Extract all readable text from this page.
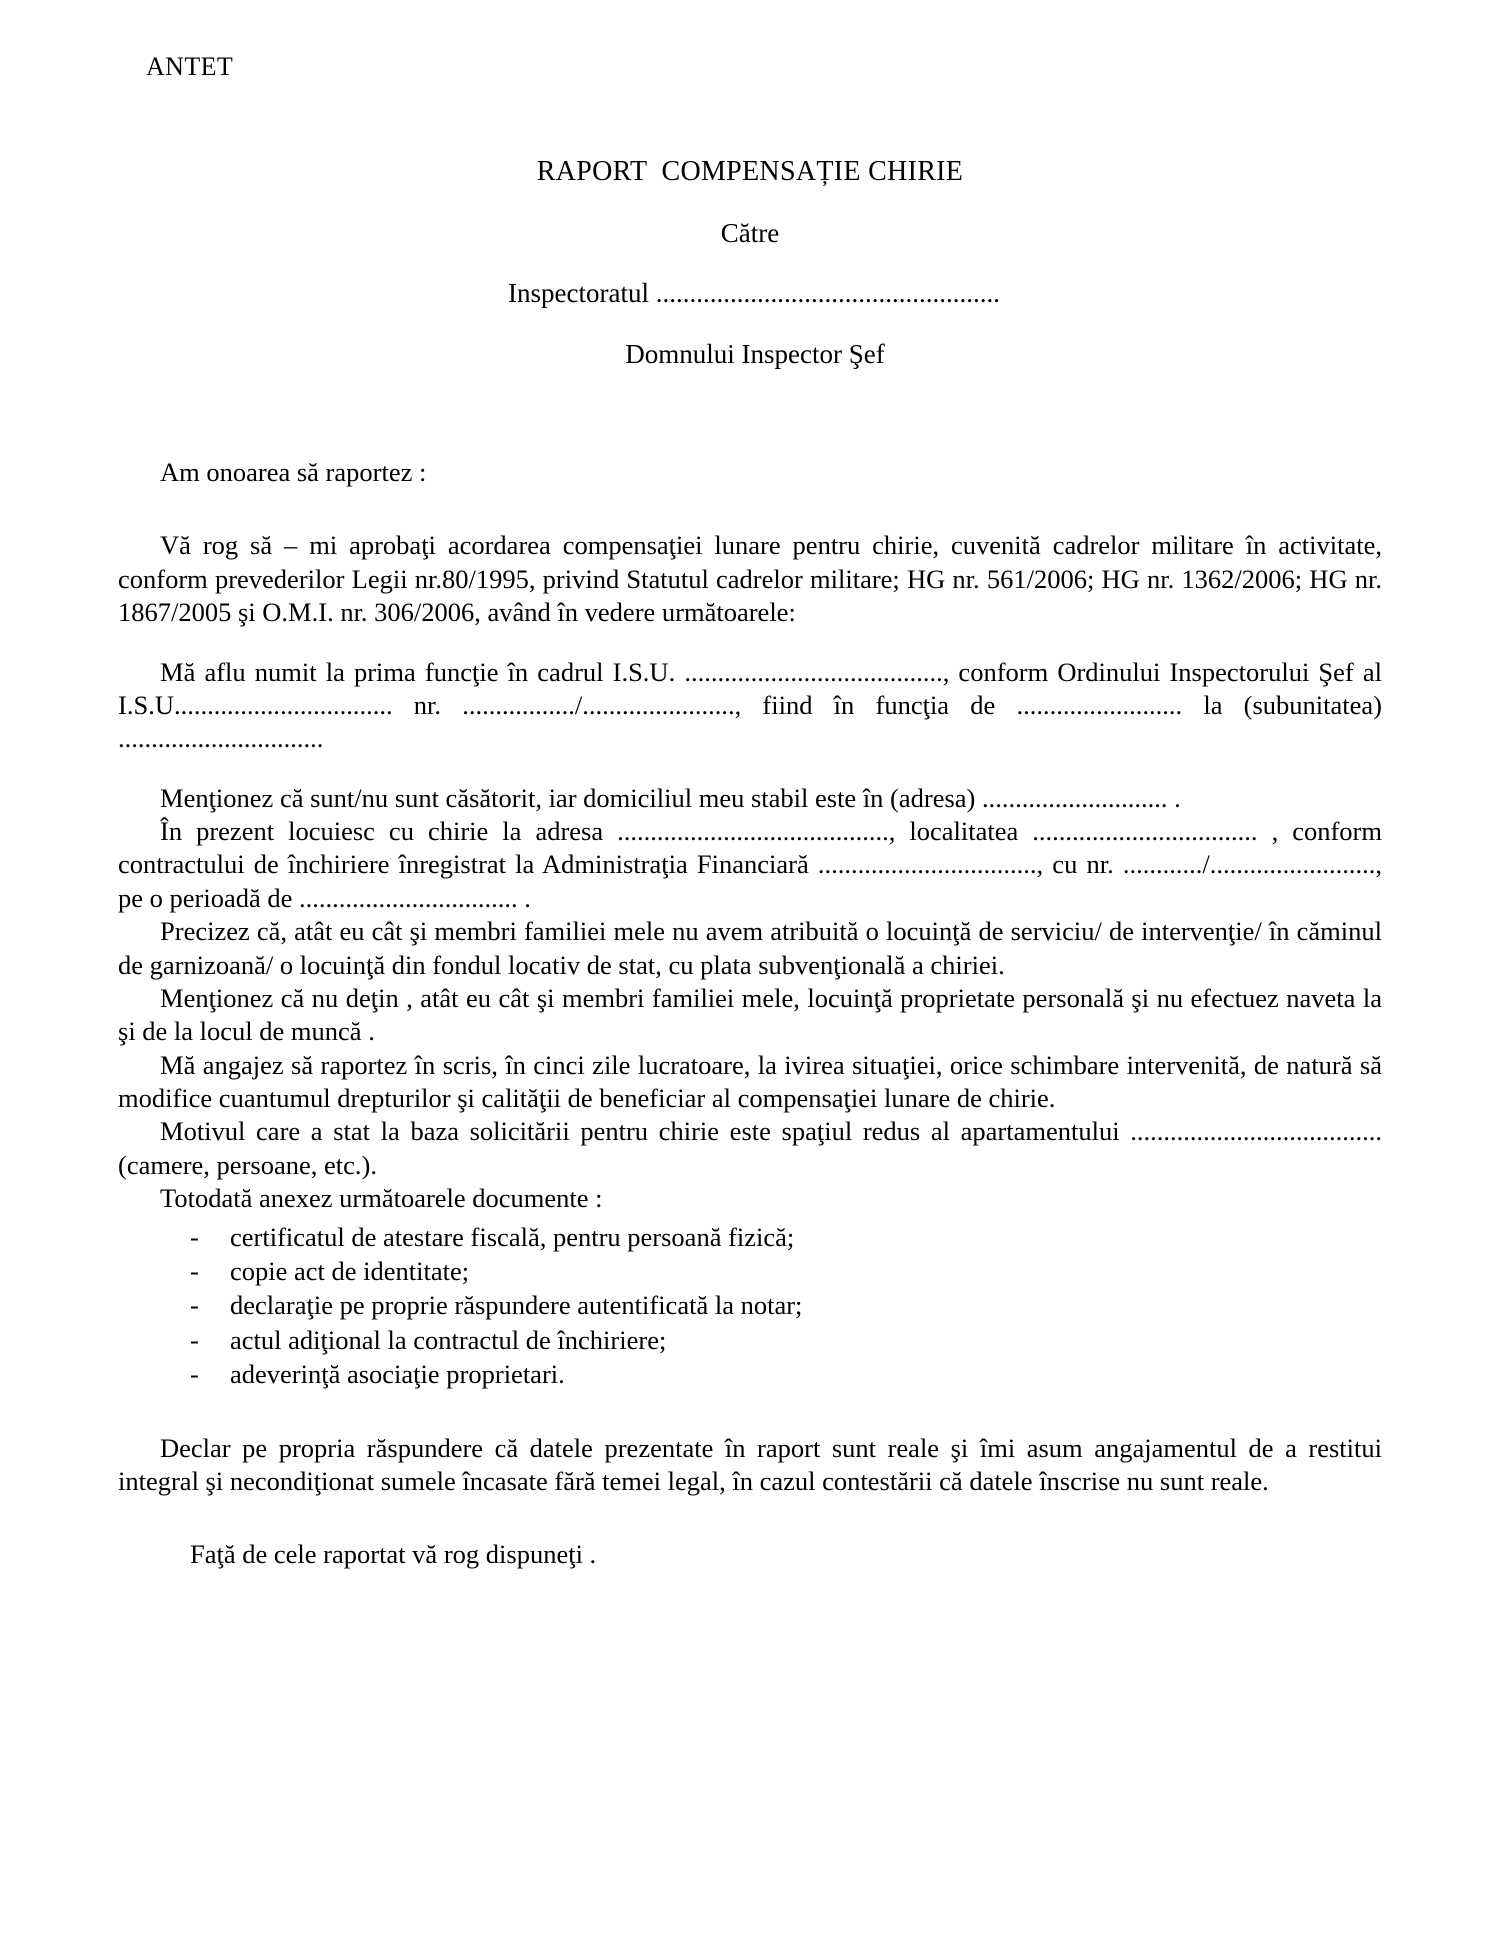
ANTET
RAPORT  COMPENSAȚIE CHIRIE
Către
Inspectoratul ...................................................
Domnului Inspector Şef

Am onoarea să raportez :

Vă rog să – mi aprobaţi acordarea compensaţiei lunare pentru chirie, cuvenită cadrelor militare în activitate, conform prevederilor Legii nr.80/1995, privind Statutul cadrelor militare; HG nr. 561/2006; HG nr. 1362/2006; HG nr. 1867/2005 şi O.M.I. nr. 306/2006, având în vedere următoarele:

Mă aflu numit la prima funcţie în cadrul I.S.U. ......................................., conform Ordinului Inspectorului Şef al I.S.U................................. nr. ................./......................., fiind în funcţia de ......................... la (subunitatea) ...............................

Menţionez că sunt/nu sunt căsătorit, iar domiciliul meu stabil este în (adresa) ............................ .

În prezent locuiesc cu chirie la adresa ........................................., localitatea .................................. , conform contractului de închiriere înregistrat la Administraţia Financiară ................................., cu nr. ............/........................., pe o perioadă de ................................. .

Precizez că, atât eu cât şi membri familiei mele nu avem atribuită o locuinţă de serviciu/ de intervenţie/ în căminul de garnizoană/ o locuinţă din fondul locativ de stat, cu plata subvenţională a chiriei.

Menţionez că nu deţin , atât eu cât şi membri familiei mele, locuinţă proprietate personală şi nu efectuez naveta la şi de la locul de muncă .

Mă angajez să raportez în scris, în cinci zile lucratoare, la ivirea situaţiei, orice schimbare intervenită, de natură să modifice cuantumul drepturilor şi calităţii de beneficiar al compensaţiei lunare de chirie.

Motivul care a stat la baza solicitării pentru chirie este spaţiul redus al apartamentului ...................................... (camere, persoane, etc.).

Totodată anexez următoarele documente :

-	certificatul de atestare fiscală, pentru persoană fizică;
-	copie act de identitate;
-	declaraţie pe proprie răspundere autentificată la notar;
-	actul adiţional la contractul de închiriere;
-	adeverinţă asociaţie proprietari.

Declar pe propria răspundere că datele prezentate în raport sunt reale şi îmi asum angajamentul de a restitui integral şi necondiţionat sumele încasate fără temei legal, în cazul contestării că datele înscrise nu sunt reale.

Faţă de cele raportat vă rog dispuneţi .
